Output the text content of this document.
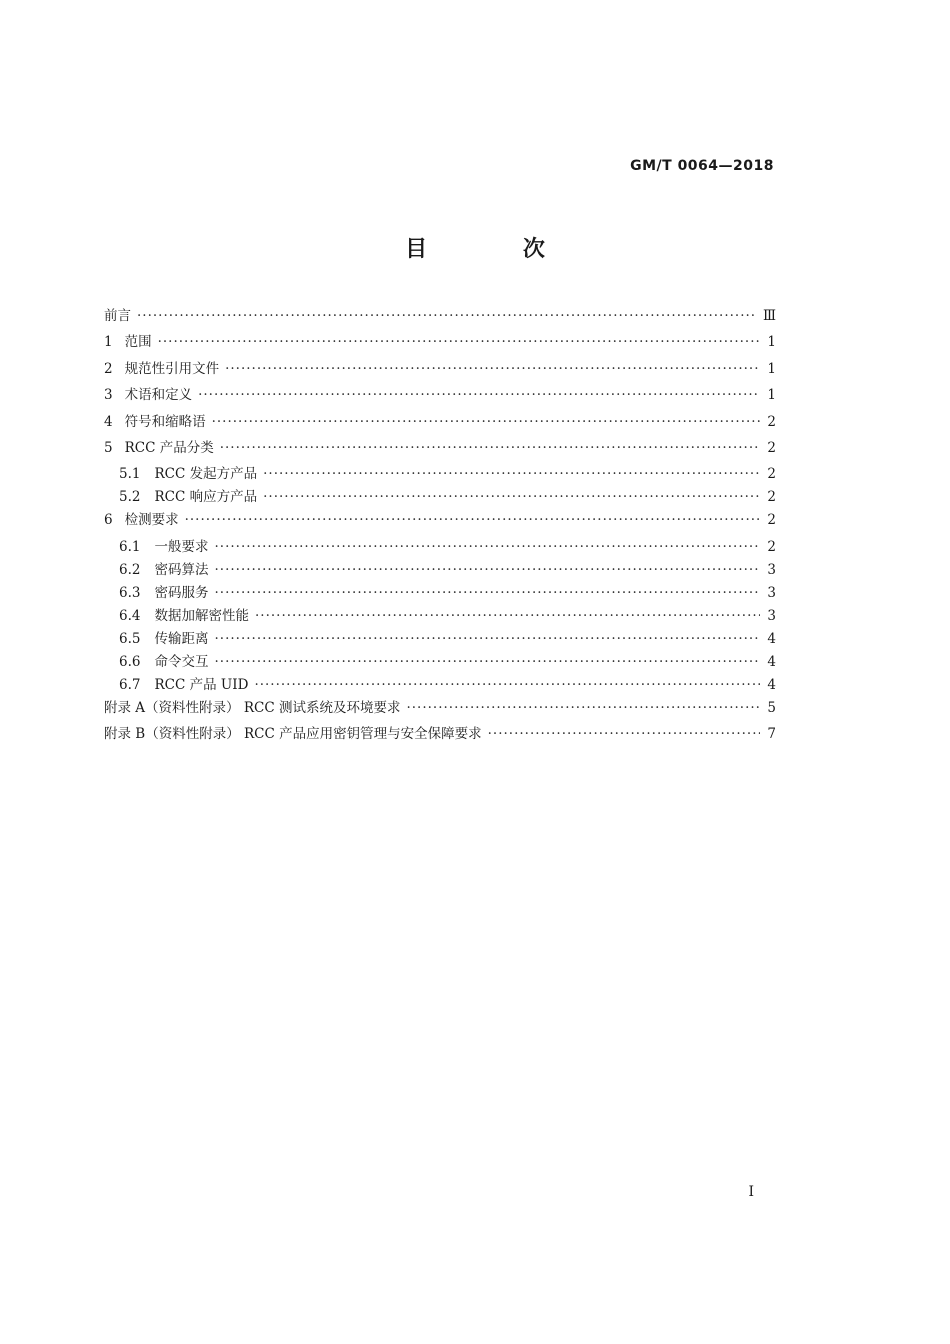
GM/T 0064—2018
目 次
前言 ·····	Ⅲ
1 范围 ·····	1
2 规范性引用文件 ·····	1
3 术语和定义 ·····	1
4 符号和缩略语 ·····	2
5 RCC 产品分类 ·····	2
5.1 RCC 发起方产品 ·····	2
5.2 RCC 响应方产品 ·····	2
6 检测要求 ·····	2
6.1 一般要求 ·····	2
6.2 密码算法 ·····	3
6.3 密码服务 ·····	3
6.4 数据加解密性能 ·····	3
6.5 传输距离 ·····	4
6.6 命令交互 ·····	4
6.7 RCC 产品 UID ·····	4
附录 A（资料性附录） RCC 测试系统及环境要求 ·····	5
附录 B（资料性附录） RCC 产品应用密钥管理与安全保障要求 ·····	7
I
